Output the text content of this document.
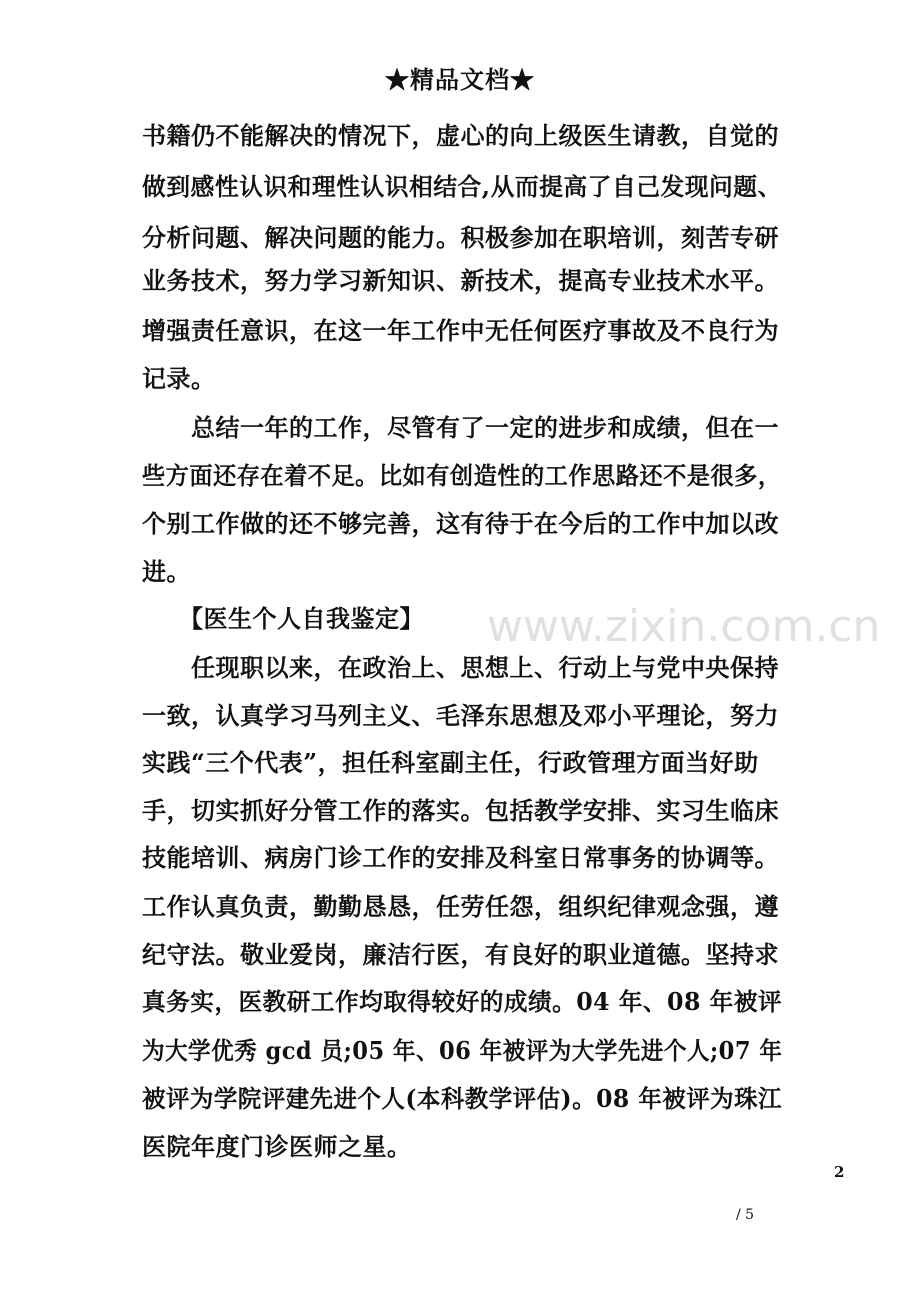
★精品文档★
书籍仍不能解决的情况下，虚心的向上级医生请教，自觉的
做到感性认识和理性认识相结合,从而提高了自己发现问题、
分析问题、解决问题的能力。积极参加在职培训，刻苦专研
业务技术，努力学习新知识、新技术，提高专业技术水平。
增强责任意识，在这一年工作中无任何医疗事故及不良行为
记录。
　　总结一年的工作，尽管有了一定的进步和成绩，但在一
些方面还存在着不足。比如有创造性的工作思路还不是很多，
个别工作做的还不够完善，这有待于在今后的工作中加以改
进。
　　【医生个人自我鉴定】
　　任现职以来，在政治上、思想上、行动上与党中央保持
一致，认真学习马列主义、毛泽东思想及邓小平理论，努力
实践“三个代表”，担任科室副主任，行政管理方面当好助
手，切实抓好分管工作的落实。包括教学安排、实习生临床
技能培训、病房门诊工作的安排及科室日常事务的协调等。
工作认真负责，勤勤恳恳，任劳任怨，组织纪律观念强，遵
纪守法。敬业爱岗，廉洁行医，有良好的职业道德。坚持求
真务实，医教研工作均取得较好的成绩。04 年、08 年被评
为大学优秀 gcd 员;05 年、06 年被评为大学先进个人;07 年
被评为学院评建先进个人(本科教学评估)。08 年被评为珠江
医院年度门诊医师之星。
www.zixin.com.cn
2
/ 5
